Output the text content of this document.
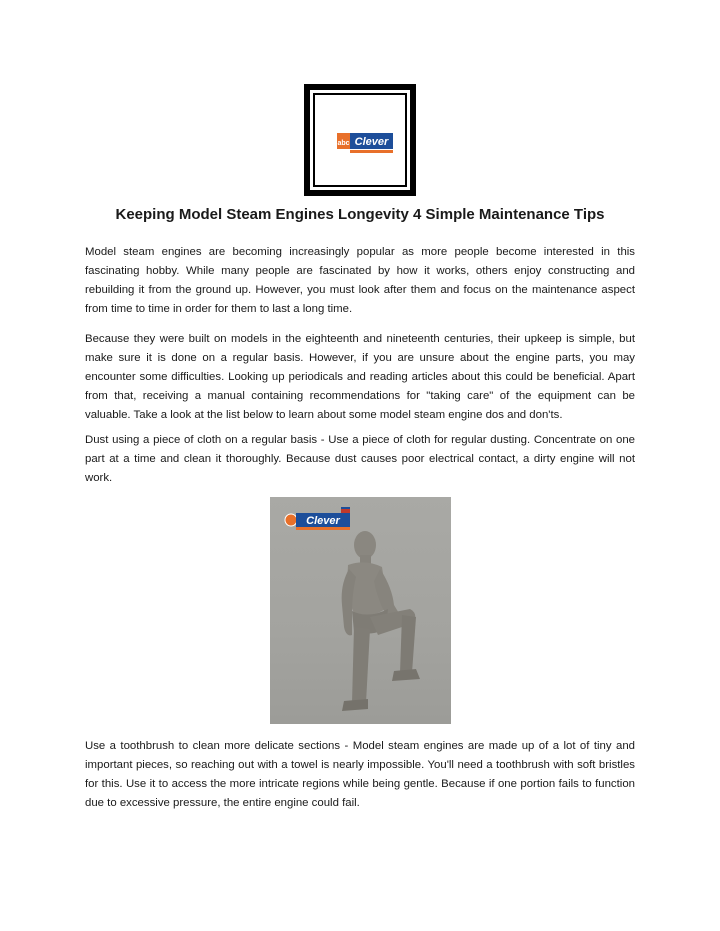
abc Clever
Keeping Model Steam Engines Longevity 4 Simple Maintenance Tips

Model steam engines are becoming increasingly popular as more people become interested in this fascinating hobby. While many people are fascinated by how it works, others enjoy constructing and rebuilding it from the ground up. However, you must look after them and focus on the maintenance aspect from time to time in order for them to last a long time.

Because they were built on models in the eighteenth and nineteenth centuries, their upkeep is simple, but make sure it is done on a regular basis. However, if you are unsure about the engine parts, you may encounter some difficulties. Looking up periodicals and reading articles about this could be beneficial. Apart from that, receiving a manual containing recommendations for "taking care" of the equipment can be valuable. Take a look at the list below to learn about some model steam engine dos and don'ts.

Dust using a piece of cloth on a regular basis - Use a piece of cloth for regular dusting. Concentrate on one part at a time and clean it thoroughly. Because dust causes poor electrical contact, a dirty engine will not work.

Clever

Use a toothbrush to clean more delicate sections - Model steam engines are made up of a lot of tiny and important pieces, so reaching out with a towel is nearly impossible. You'll need a toothbrush with soft bristles for this. Use it to access the more intricate regions while being gentle. Because if one portion fails to function due to excessive pressure, the entire engine could fail.
